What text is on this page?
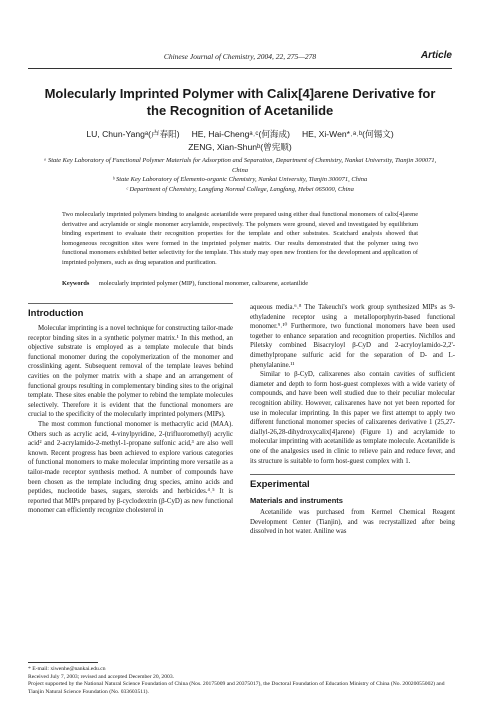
Chinese Journal of Chemistry, 2004, 22, 275—278	Article
Molecularly Imprinted Polymer with Calix[4]arene Derivative for the Recognition of Acetanilide
LU, Chun-Yangᵃ(卢春阳) HE, Hai-Chengᵃ˒ᶜ(何海成) HE, Xi-Wen*˒ᵃ˒ᵇ(何锡文)
ZENG, Xian-Shunᵇ(曾宪顺)
ᵃ State Key Laboratory of Functional Polymer Materials for Adsorption and Separation, Department of Chemistry, Nankai University, Tianjin 300071, China
ᵇ State Key Laboratory of Elemento-organic Chemistry, Nankai University, Tianjin 300071, China
ᶜ Department of Chemistry, Langfang Normal College, Langfang, Hebei 065000, China
Two molecularly imprinted polymers binding to analgesic acetanilide were prepared using either dual functional monomers of calix[4]arene derivative and acrylamide or single monomer acrylamide, respectively. The polymers were ground, sieved and investigated by equilibrium binding experiment to evaluate their recognition properties for the template and other substrates. Scatchard analysis showed that homogeneous recognition sites were formed in the imprinted polymer matrix. Our results demonstrated that the polymer using two functional monomers exhibited better selectivity for the template. This study may open new frontiers for the development and application of imprinted polymers, such as drug separation and purification.
Keywords molecularly imprinted polymer (MIP), functional monomer, calixarene, acetanilide
Introduction

Molecular imprinting is a novel technique for constructing tailor-made receptor binding sites in a synthetic polymer matrix.¹ In this method, an objective substrate is employed as a template molecule that binds functional monomer during the copolymerization of the monomer and crosslinking agent. Subsequent removal of the template leaves behind cavities on the polymer matrix with a shape and an arrangement of functional groups resulting in complementary binding sites to the original template. These sites enable the polymer to rebind the template molecules selectively. Therefore it is evident that the functional monomers are crucial to the specificity of the molecularly imprinted polymers (MIPs).

The most common functional monomer is methacrylic acid (MAA). Others such as acrylic acid, 4-vinylpyridine, 2-(trifluoromethyl) acrylic acid² and 2-acrylamido-2-methyl-1-propane sulfonic acid,³ are also well known. Recent progress has been achieved to explore various categories of functional monomers to make molecular imprinting more versatile as a tailor-made receptor synthesis method. A number of compounds have been chosen as the template including drug species, amino acids and peptides, nucleotide bases, sugars, steroids and herbicides.⁴˒⁵ It is reported that MIPs prepared by β-cyclodextrin (β-CyD) as new functional monomer can efficiently recognize cholesterol in

aqueous media.⁶˒⁸ The Takeuchi's work group synthesized MIPs as 9-ethyladenine receptor using a metalloporphyrin-based functional monomer.⁹˒¹⁰ Furthermore, two functional monomers have been used together to enhance separation and recognition properties. Nichllos and Piletsky combined Bisacryloyl β-CyD and 2-acryloylamido-2,2'-dimethylpropane sulfuric acid for the separation of D- and L-phenylalanine.¹¹

Similar to β-CyD, calixarenes also contain cavities of sufficient diameter and depth to form host-guest complexes with a wide variety of compounds, and have been well studied due to their peculiar molecular recognition ability. However, calixarenes have not yet been reported for use in molecular imprinting. In this paper we first attempt to apply two different functional monomer species of calixarenes derivative 1 (25,27-diallyl-26,28-dihydroxycalix[4]arene) (Figure 1) and acrylamide to molecular imprinting with acetanilide as template molecule. Acetanilide is one of the analgesics used in clinic to relieve pain and reduce fever, and its structure is suitable to form host-guest complex with 1.

Experimental
Materials and instruments

Acetanilide was purchased from Kermel Chemical Reagent Development Center (Tianjin), and was recrystallized after being dissolved in hot water. Aniline was

* E-mail: xiwenhe@nankai.edu.cn
Received July 7, 2003; revised and accepted December 20, 2003.
Project supported by the National Natural Science Foundation of China (Nos. 20175009 and 20375017), the Doctoral Foundation of Education Ministry of China (No. 20020055002) and Tianjin Natural Science Foundation (No. 033603511).
